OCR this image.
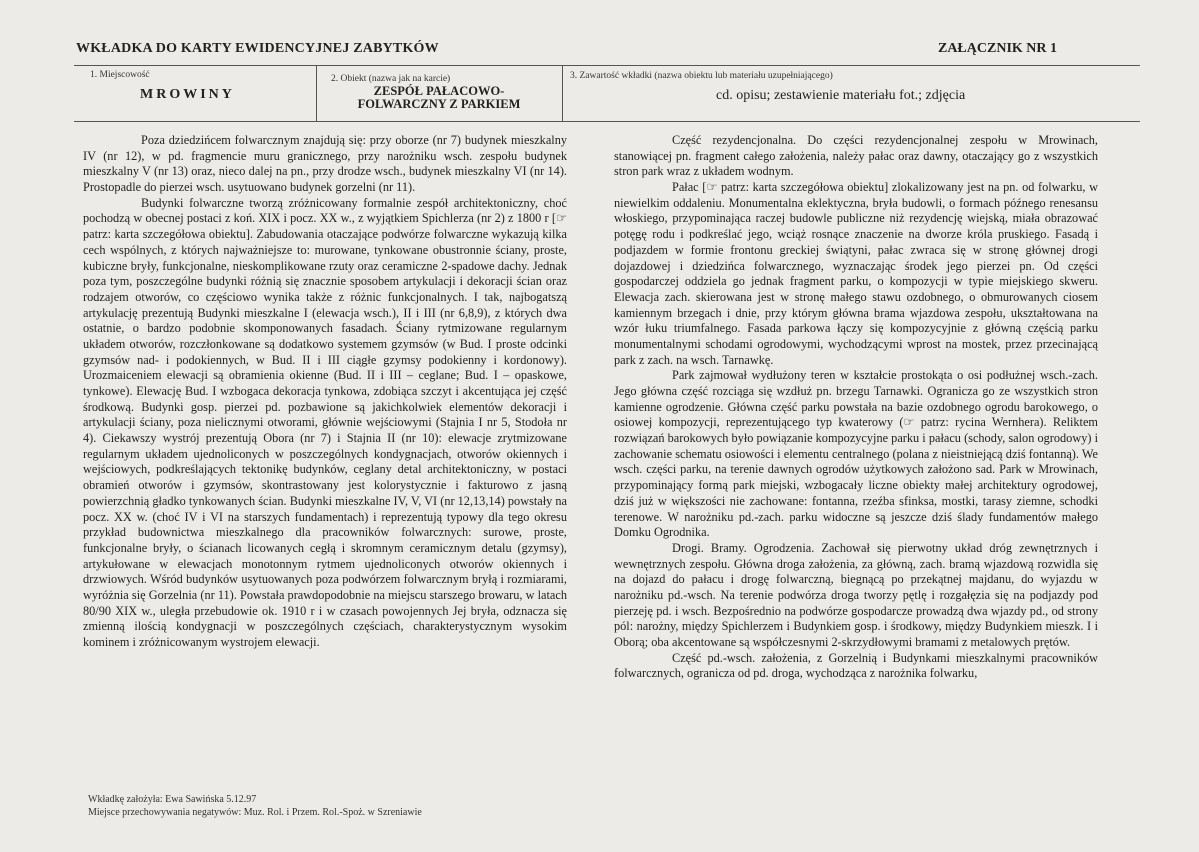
WKŁADKA DO KARTY EWIDENCYJNEJ ZABYTKÓW	ZAŁĄCZNIK NR 1
1. Miejscowość
MROWINY
2. Obiekt (nazwa jak na karcie)
ZESPÓŁ PAŁACOWO-
FOLWARCZNY Z PARKIEM
3. Zawartość wkładki (nazwa obiektu lub materiału uzupełniającego)
cd. opisu; zestawienie materiału fot.; zdjęcia

Poza dziedzińcem folwarcznym znajdują się: przy oborze (nr 7) budynek mieszkalny IV (nr 12), w pd. fragmencie muru granicznego, przy narożniku wsch. zespołu budynek mieszkalny V (nr 13) oraz, nieco dalej na pn., przy drodze wsch., budynek mieszkalny VI (nr 14). Prostopadle do pierzei wsch. usytuowano budynek gorzelni (nr 11).

Budynki folwarczne tworzą zróżnicowany formalnie zespół architektoniczny, choć pochodzą w obecnej postaci z koń. XIX i pocz. XX w., z wyjątkiem Spichlerza (nr 2) z 1800 r [☞ patrz: karta szczegółowa obiektu]. Zabudowania otaczające podwórze folwarczne wykazują kilka cech wspólnych, z których najważniejsze to: murowane, tynkowane obustronnie ściany, proste, kubiczne bryły, funkcjonalne, nieskomplikowane rzuty oraz ceramiczne 2-spadowe dachy. Jednak poza tym, poszczególne budynki różnią się znacznie sposobem artykulacji i dekoracji ścian oraz rodzajem otworów, co częściowo wynika także z różnic funkcjonalnych. I tak, najbogatszą artykulację prezentują Budynki mieszkalne I (elewacja wsch.), II i III (nr 6,8,9), z których dwa ostatnie, o bardzo podobnie skomponowanych fasadach. Ściany rytmizowane regularnym układem otworów, rozczłonkowane są dodatkowo systemem gzymsów (w Bud. I proste odcinki gzymsów nad- i podokiennych, w Bud. II i III ciągłe gzymsy podokienny i kordonowy). Urozmaiceniem elewacji są obramienia okienne (Bud. II i III – ceglane; Bud. I – opaskowe, tynkowe). Elewację Bud. I wzbogaca dekoracja tynkowa, zdobiąca szczyt i akcentująca jej część środkową. Budynki gosp. pierzei pd. pozbawione są jakichkolwiek elementów dekoracji i artykulacji ściany, poza nielicznymi otworami, głównie wejściowymi (Stajnia I nr 5, Stodoła nr 4). Ciekawszy wystrój prezentują Obora (nr 7) i Stajnia II (nr 10): elewacje zrytmizowane regularnym układem ujednoliconych w poszczególnych kondygnacjach, otworów okiennych i wejściowych, podkreślających tektonikę budynków, ceglany detal architektoniczny, w postaci obramień otworów i gzymsów, skontrastowany jest kolorystycznie i fakturowo z jasną powierzchnią gładko tynkowanych ścian. Budynki mieszkalne IV, V, VI (nr 12,13,14) powstały na pocz. XX w. (choć IV i VI na starszych fundamentach) i reprezentują typowy dla tego okresu przykład budownictwa mieszkalnego dla pracowników folwarcznych: surowe, proste, funkcjonalne bryły, o ścianach licowanych cegłą i skromnym ceramicznym detalu (gzymsy), artykułowane w elewacjach monotonnym rytmem ujednoliconych otworów okiennych i drzwiowych. Wśród budynków usytuowanych poza podwórzem folwarcznym bryłą i rozmiarami, wyróżnia się Gorzelnia (nr 11). Powstała prawdopodobnie na miejscu starszego browaru, w latach 80/90 XIX w., uległa przebudowie ok. 1910 r i w czasach powojennych Jej bryła, odznacza się zmienną ilością kondygnacji w poszczególnych częściach, charakterystycznym wysokim kominem i zróżnicowanym wystrojem elewacji.

Część rezydencjonalna. Do części rezydencjonalnej zespołu w Mrowinach, stanowiącej pn. fragment całego założenia, należy pałac oraz dawny, otaczający go z wszystkich stron park wraz z układem wodnym.

Pałac [☞ patrz: karta szczegółowa obiektu] zlokalizowany jest na pn. od folwarku, w niewielkim oddaleniu. Monumentalna eklektyczna, bryła budowli, o formach późnego renesansu włoskiego, przypominająca raczej budowle publiczne niż rezydencję wiejską, miała obrazować potęgę rodu i podkreślać jego, wciąż rosnące znaczenie na dworze króla pruskiego. Fasadą i podjazdem w formie frontonu greckiej świątyni, pałac zwraca się w stronę głównej drogi dojazdowej i dziedzińca folwarcznego, wyznaczając środek jego pierzei pn. Od części gospodarczej oddziela go jednak fragment parku, o kompozycji w typie miejskiego skweru. Elewacja zach. skierowana jest w stronę małego stawu ozdobnego, o obmurowanych ciosem kamiennym brzegach i dnie, przy którym główna brama wjazdowa zespołu, ukształtowana na wzór łuku triumfalnego. Fasada parkowa łączy się kompozycyjnie z główną częścią parku monumentalnymi schodami ogrodowymi, wychodzącymi wprost na mostek, przez przecinającą park z zach. na wsch. Tarnawkę.

Park zajmował wydłużony teren w kształcie prostokąta o osi podłużnej wsch.-zach. Jego główna część rozciąga się wzdłuż pn. brzegu Tarnawki. Ogranicza go ze wszystkich stron kamienne ogrodzenie. Główna część parku powstała na bazie ozdobnego ogrodu barokowego, o osiowej kompozycji, reprezentującego typ kwaterowy (☞ patrz: rycina Wernhera). Reliktem rozwiązań barokowych było powiązanie kompozycyjne parku i pałacu (schody, salon ogrodowy) i zachowanie schematu osiowości i elementu centralnego (polana z nieistniejącą dziś fontanną). We wsch. części parku, na terenie dawnych ogrodów użytkowych założono sad. Park w Mrowinach, przypominający formą park miejski, wzbogacały liczne obiekty małej architektury ogrodowej, dziś już w większości nie zachowane: fontanna, rzeźba sfinksa, mostki, tarasy ziemne, schodki terenowe. W narożniku pd.-zach. parku widoczne są jeszcze dziś ślady fundamentów małego Domku Ogrodnika.

Drogi. Bramy. Ogrodzenia. Zachował się pierwotny układ dróg zewnętrznych i wewnętrznych zespołu. Główna droga założenia, za główną, zach. bramą wjazdową rozwidla się na dojazd do pałacu i drogę folwarczną, biegnącą po przekątnej majdanu, do wyjazdu w narożniku pd.-wsch. Na terenie podwórza droga tworzy pętlę i rozgałęzia się na podjazdy pod pierzeję pd. i wsch. Bezpośrednio na podwórze gospodarcze prowadzą dwa wjazdy pd., od strony pól: narożny, między Spichlerzem i Budynkiem gosp. i środkowy, między Budynkiem mieszk. I i Oborą; oba akcentowane są współczesnymi 2-skrzydłowymi bramami z metalowych prętów.

Część pd.-wsch. założenia, z Gorzelnią i Budynkami mieszkalnymi pracowników folwarcznych, ogranicza od pd. droga, wychodząca z narożnika folwarku,

Wkładkę założyła: Ewa Sawińska 5.12.97
Miejsce przechowywania negatywów: Muz. Rol. i Przem. Rol.-Spoż. w Szreniawie
